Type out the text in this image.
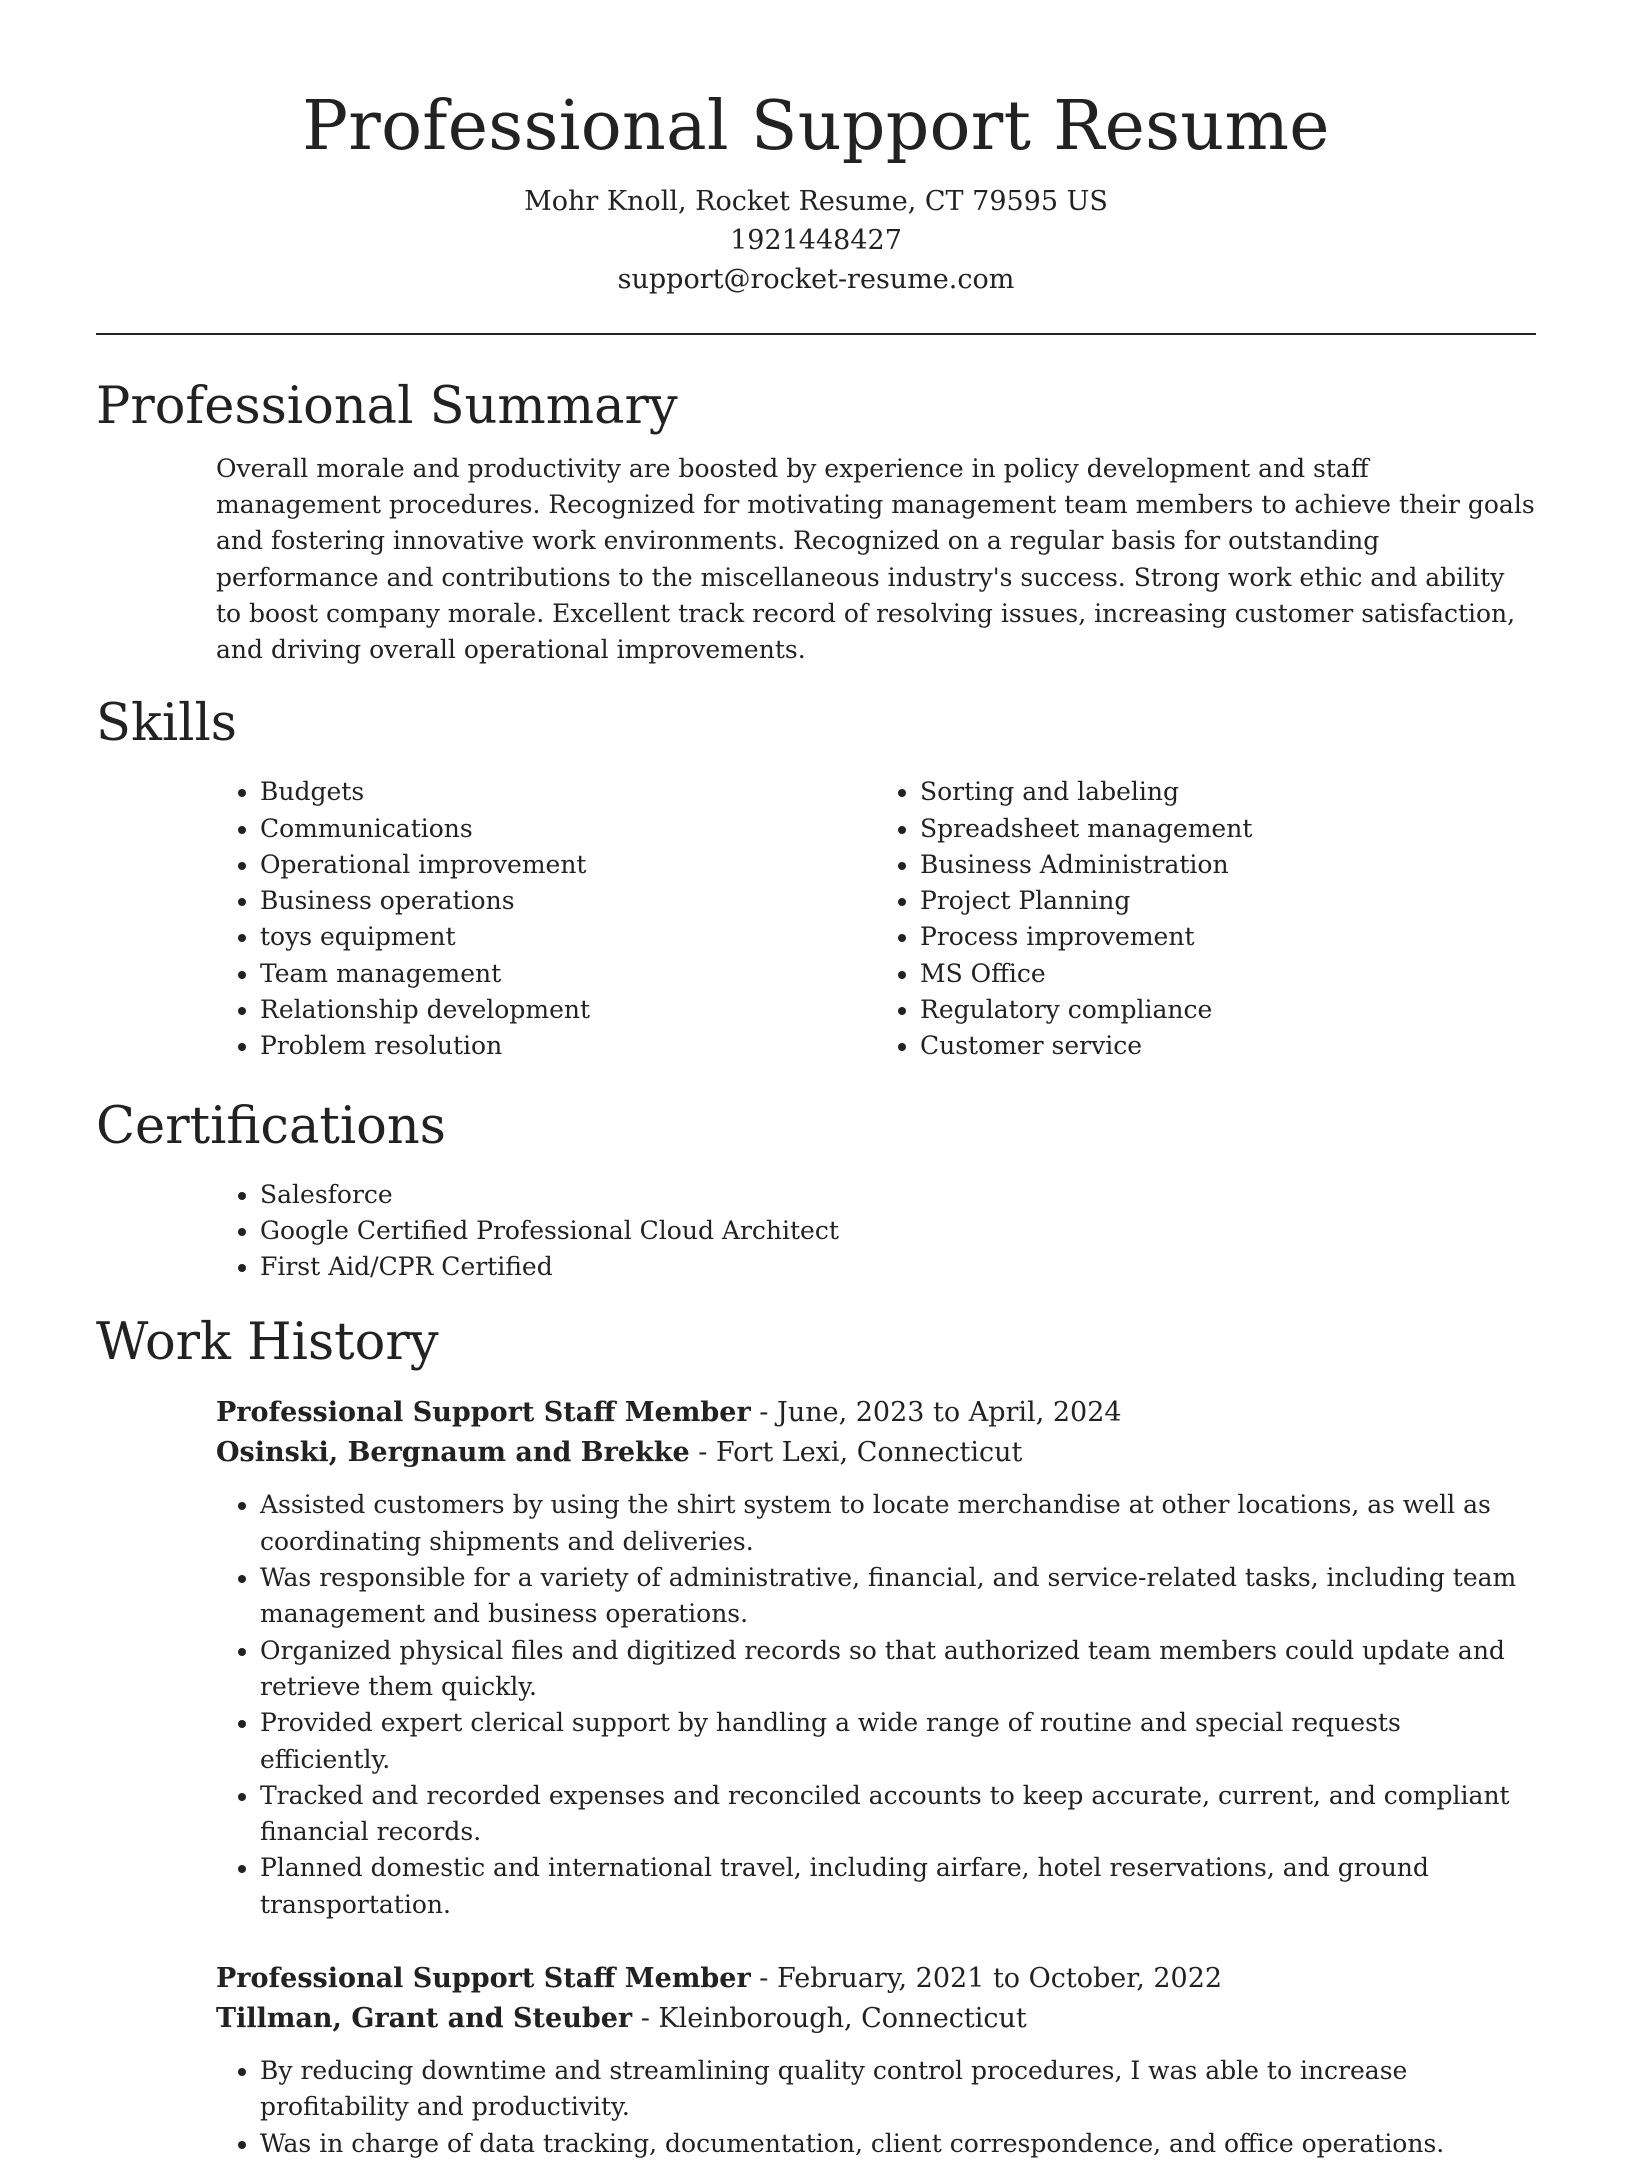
Professional Support Resume
Mohr Knoll, Rocket Resume, CT 79595 US
1921448427
support@rocket-resume.com
Professional Summary

Overall morale and productivity are boosted by experience in policy development and staff management procedures. Recognized for motivating management team members to achieve their goals and fostering innovative work environments. Recognized on a regular basis for outstanding performance and contributions to the miscellaneous industry's success. Strong work ethic and ability to boost company morale. Excellent track record of resolving issues, increasing customer satisfaction, and driving overall operational improvements.

Skills
• Budgets
• Communications
• Operational improvement
• Business operations
• toys equipment
• Team management
• Relationship development
• Problem resolution
• Sorting and labeling
• Spreadsheet management
• Business Administration
• Project Planning
• Process improvement
• MS Office
• Regulatory compliance
• Customer service
Certifications
• Salesforce
• Google Certified Professional Cloud Architect
• First Aid/CPR Certified
Work History
Professional Support Staff Member - June, 2023 to April, 2024
Osinski, Bergnaum and Brekke - Fort Lexi, Connecticut
• Assisted customers by using the shirt system to locate merchandise at other locations, as well as coordinating shipments and deliveries.
• Was responsible for a variety of administrative, financial, and service-related tasks, including team management and business operations.
• Organized physical files and digitized records so that authorized team members could update and retrieve them quickly.
• Provided expert clerical support by handling a wide range of routine and special requests efficiently.
• Tracked and recorded expenses and reconciled accounts to keep accurate, current, and compliant financial records.
• Planned domestic and international travel, including airfare, hotel reservations, and ground transportation.
Professional Support Staff Member - February, 2021 to October, 2022
Tillman, Grant and Steuber - Kleinborough, Connecticut
• By reducing downtime and streamlining quality control procedures, I was able to increase profitability and productivity.
• Was in charge of data tracking, documentation, client correspondence, and office operations.
